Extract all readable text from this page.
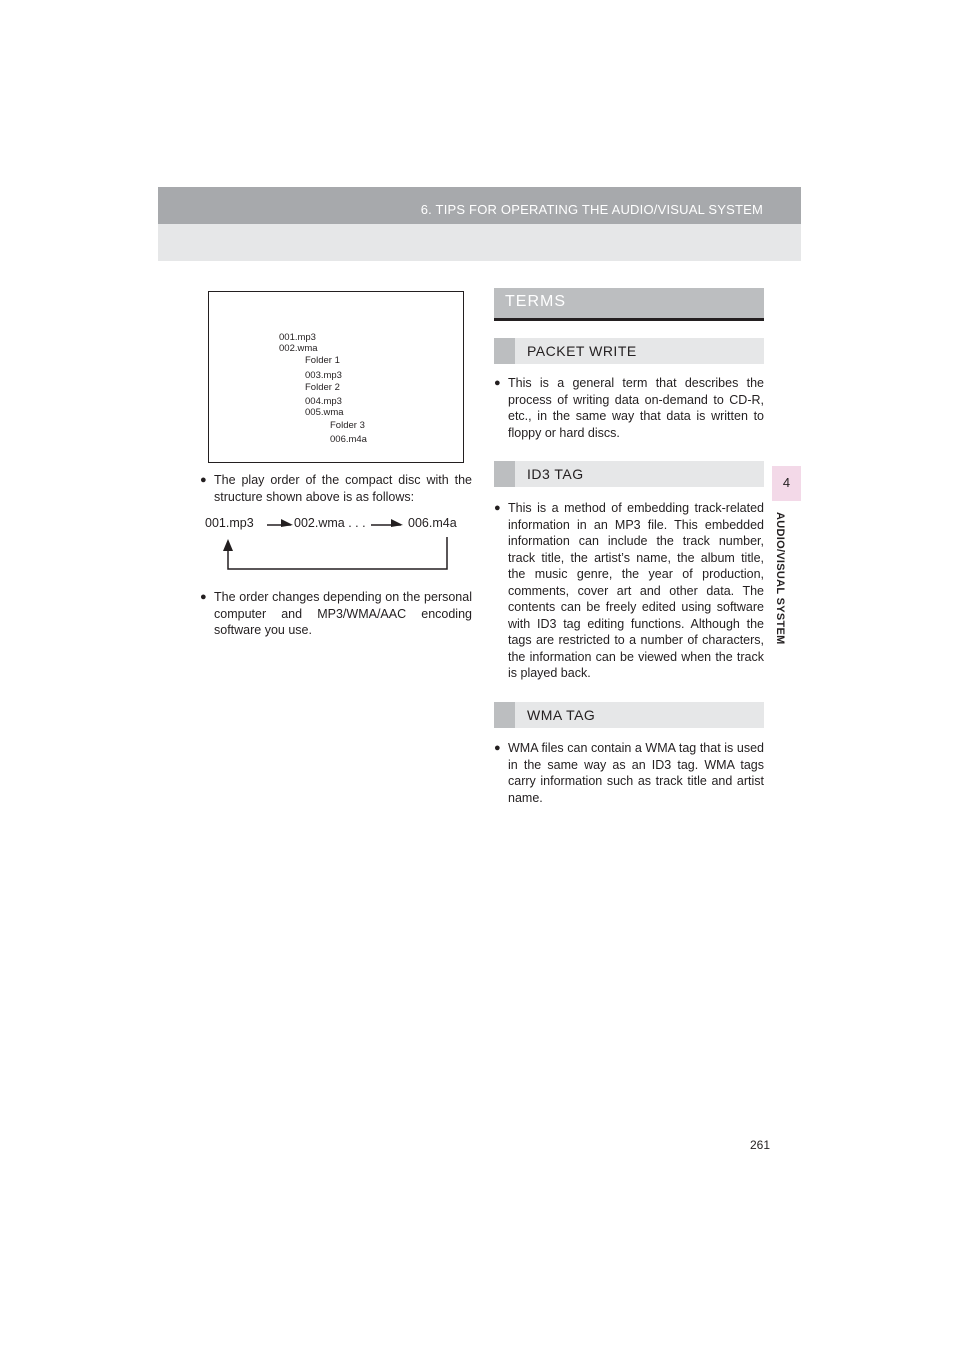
6. TIPS FOR OPERATING THE AUDIO/VISUAL SYSTEM
4
AUDIO/VISUAL SYSTEM
001.mp3
002.wma
Folder 1
003.mp3
Folder 2
004.mp3
005.wma
Folder 3
006.m4a
● The play order of the compact disc with the structure shown above is as follows:
001.mp3	002.wma . . .	006.m4a
● The order changes depending on the personal computer and MP3/WMA/AAC encoding software you use.
TERMS
PACKET WRITE
● This is a general term that describes the process of writing data on-demand to CD-R, etc., in the same way that data is written to floppy or hard discs.
ID3 TAG
● This is a method of embedding track-related information in an MP3 file. This embedded information can include the track number, track title, the artist’s name, the album title, the music genre, the year of production, comments, cover art and other data. The contents can be freely edited using software with ID3 tag editing functions. Although the tags are restricted to a number of characters, the information can be viewed when the track is played back.
WMA TAG
● WMA files can contain a WMA tag that is used in the same way as an ID3 tag. WMA tags carry information such as track title and artist name.
261
